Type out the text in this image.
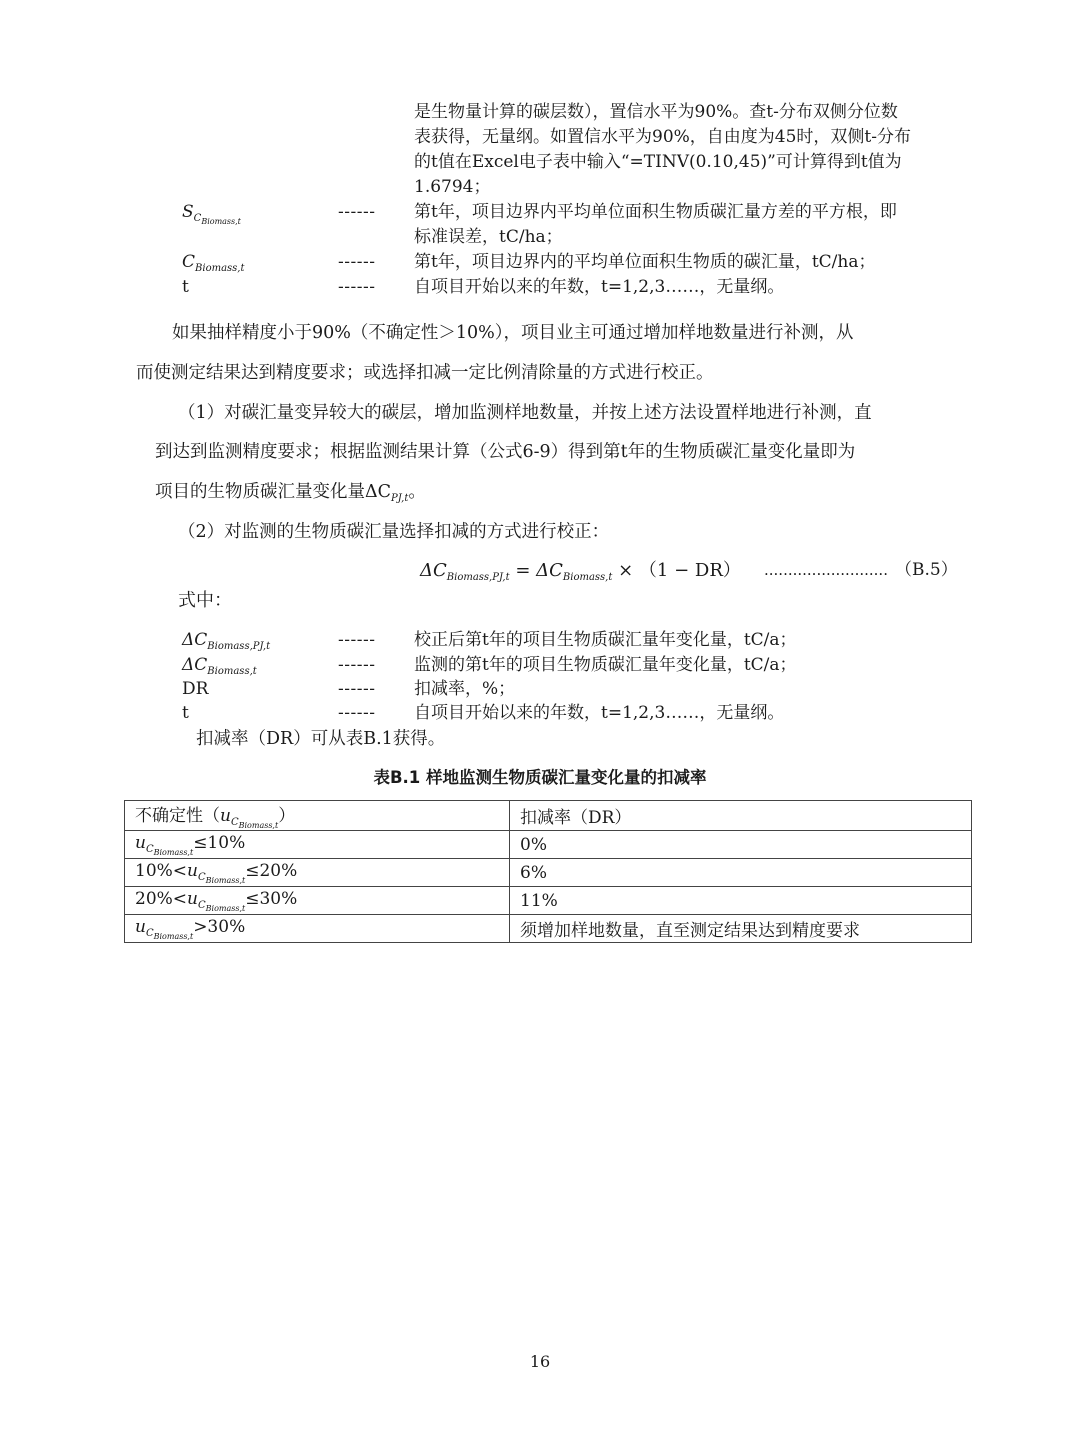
是生物量计算的碳层数），置信水平为90%。查t-分布双侧分位数
表获得，无量纲。如置信水平为90%，自由度为45时，双侧t-分布
的t值在Excel电子表中输入“=TINV(0.10,45)”可计算得到t值为
1.6794；
$S_{C_{Biomass,t}}$	------ 第t年，项目边界内平均单位面积生物质碳汇量方差的平方根，即
标准误差，tC/ha；
$C_{Biomass,t}$	------ 第t年，项目边界内的平均单位面积生物质的碳汇量，tC/ha；
t	------ 自项目开始以来的年数，t=1,2,3……，无量纲。
如果抽样精度小于90%（不确定性＞10%），项目业主可通过增加样地数量进行补测，从
而使测定结果达到精度要求；或选择扣减一定比例清除量的方式进行校正。
（1）对碳汇量变异较大的碳层，增加监测样地数量，并按上述方法设置样地进行补测，直
到达到监测精度要求；根据监测结果计算（公式6-9）得到第t年的生物质碳汇量变化量即为
项目的生物质碳汇量变化量$\Delta C_{PJ,t}$。
（2）对监测的生物质碳汇量选择扣减的方式进行校正：
$\Delta C_{Biomass,PJ,t} = \Delta C_{Biomass,t} \times (1 - DR)$ .......................... （B.5）
式中：
$\Delta C_{Biomass,PJ,t}$	------ 校正后第t年的项目生物质碳汇量年变化量，tC/a；
$\Delta C_{Biomass,t}$	------ 监测的第t年的项目生物质碳汇量年变化量，tC/a；
DR	------ 扣减率，%；
t	------ 自项目开始以来的年数，t=1,2,3……，无量纲。
扣减率（DR）可从表B.1获得。
表B.1 样地监测生物质碳汇量变化量的扣减率
不确定性$(u_{C_{Biomass,t}})$	扣减率（DR）
$u_{C_{Biomass,t}}\le 10\%$	0%
$10\%<u_{C_{Biomass,t}}\le 20\%$	6%
$20\%<u_{C_{Biomass,t}}\le 30\%$	11%
$u_{C_{Biomass,t}}>30\%$	须增加样地数量，直至测定结果达到精度要求
16
